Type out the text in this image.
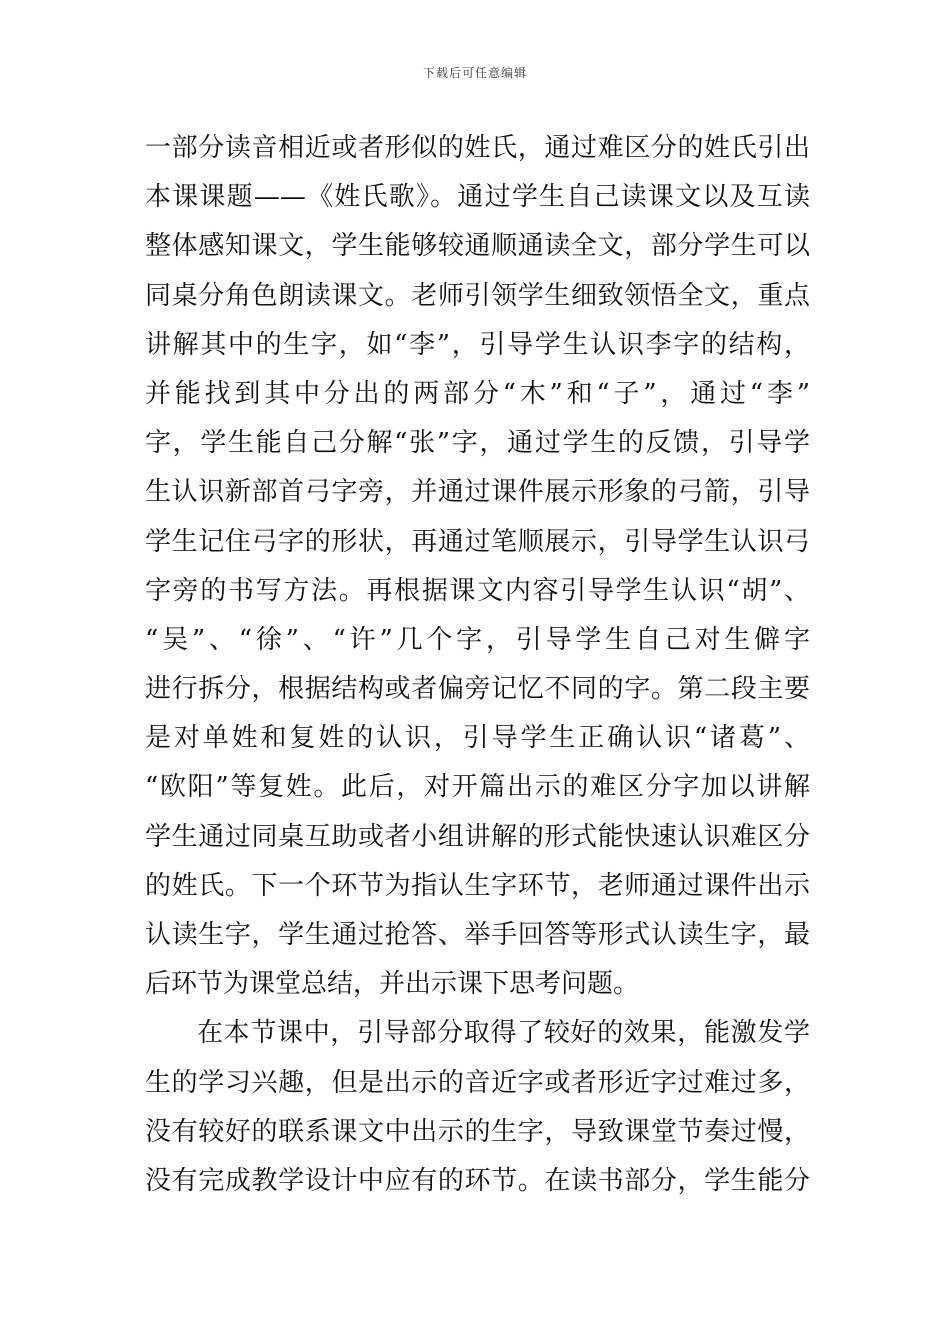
下载后可任意编辑
一部分读音相近或者形似的姓氏，通过难区分的姓氏引出
本课课题——《姓氏歌》。通过学生自己读课文以及互读
整体感知课文，学生能够较通顺通读全文，部分学生可以
同桌分角色朗读课文。老师引领学生细致领悟全文，重点
讲解其中的生字，如“李”，引导学生认识李字的结构，
并能找到其中分出的两部分“木”和“子”，通过“李”
字，学生能自己分解“张”字，通过学生的反馈，引导学
生认识新部首弓字旁，并通过课件展示形象的弓箭，引导
学生记住弓字的形状，再通过笔顺展示，引导学生认识弓
字旁的书写方法。再根据课文内容引导学生认识“胡”、
“吴”、“徐”、“许”几个字，引导学生自己对生僻字
进行拆分，根据结构或者偏旁记忆不同的字。第二段主要
是对单姓和复姓的认识，引导学生正确认识“诸葛”、
“欧阳”等复姓。此后，对开篇出示的难区分字加以讲解
学生通过同桌互助或者小组讲解的形式能快速认识难区分
的姓氏。下一个环节为指认生字环节，老师通过课件出示
认读生字，学生通过抢答、举手回答等形式认读生字，最
后环节为课堂总结，并出示课下思考问题。
在本节课中，引导部分取得了较好的效果，能激发学
生的学习兴趣，但是出示的音近字或者形近字过难过多，
没有较好的联系课文中出示的生字，导致课堂节奏过慢，
没有完成教学设计中应有的环节。在读书部分，学生能分
